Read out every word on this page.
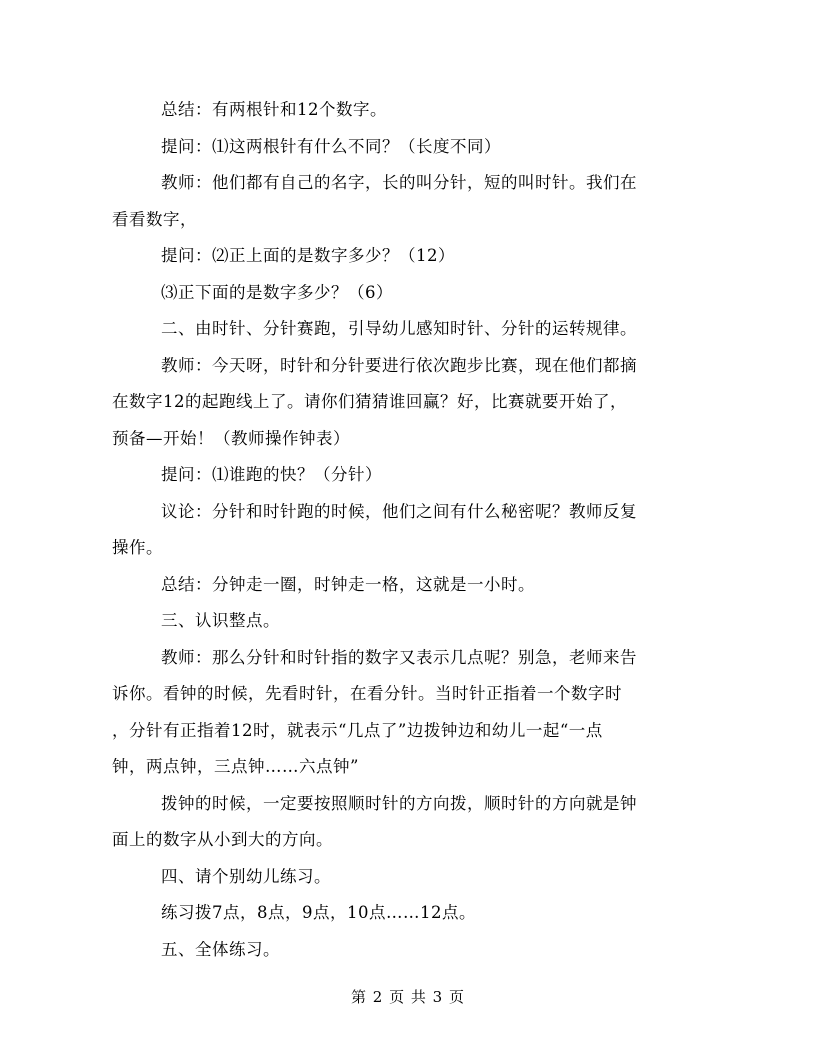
总结：有两根针和12个数字。

提问：⑴这两根针有什么不同？（长度不同）

教师：他们都有自己的名字，长的叫分针，短的叫时针。我们在
看看数字，

提问：⑵正上面的是数字多少？（12）

⑶正下面的是数字多少？（6）

二、由时针、分针赛跑，引导幼儿感知时针、分针的运转规律。

教师：今天呀，时针和分针要进行依次跑步比赛，现在他们都摘
在数字12的起跑线上了。请你们猜猜谁回赢？好，比赛就要开始了，
预备—开始！（教师操作钟表）

提问：⑴谁跑的快？（分针）

议论：分针和时针跑的时候，他们之间有什么秘密呢？教师反复
操作。

总结：分钟走一圈，时钟走一格，这就是一小时。

三、认识整点。

教师：那么分针和时针指的数字又表示几点呢？别急，老师来告
诉你。看钟的时候，先看时针，在看分针。当时针正指着一个数字时
，分针有正指着12时，就表示“几点了”边拨钟边和幼儿一起“一点
钟，两点钟，三点钟……六点钟”

拨钟的时候，一定要按照顺时针的方向拨，顺时针的方向就是钟
面上的数字从小到大的方向。

四、请个别幼儿练习。

练习拨7点，8点，9点，10点……12点。

五、全体练习。

第 2 页 共 3 页
